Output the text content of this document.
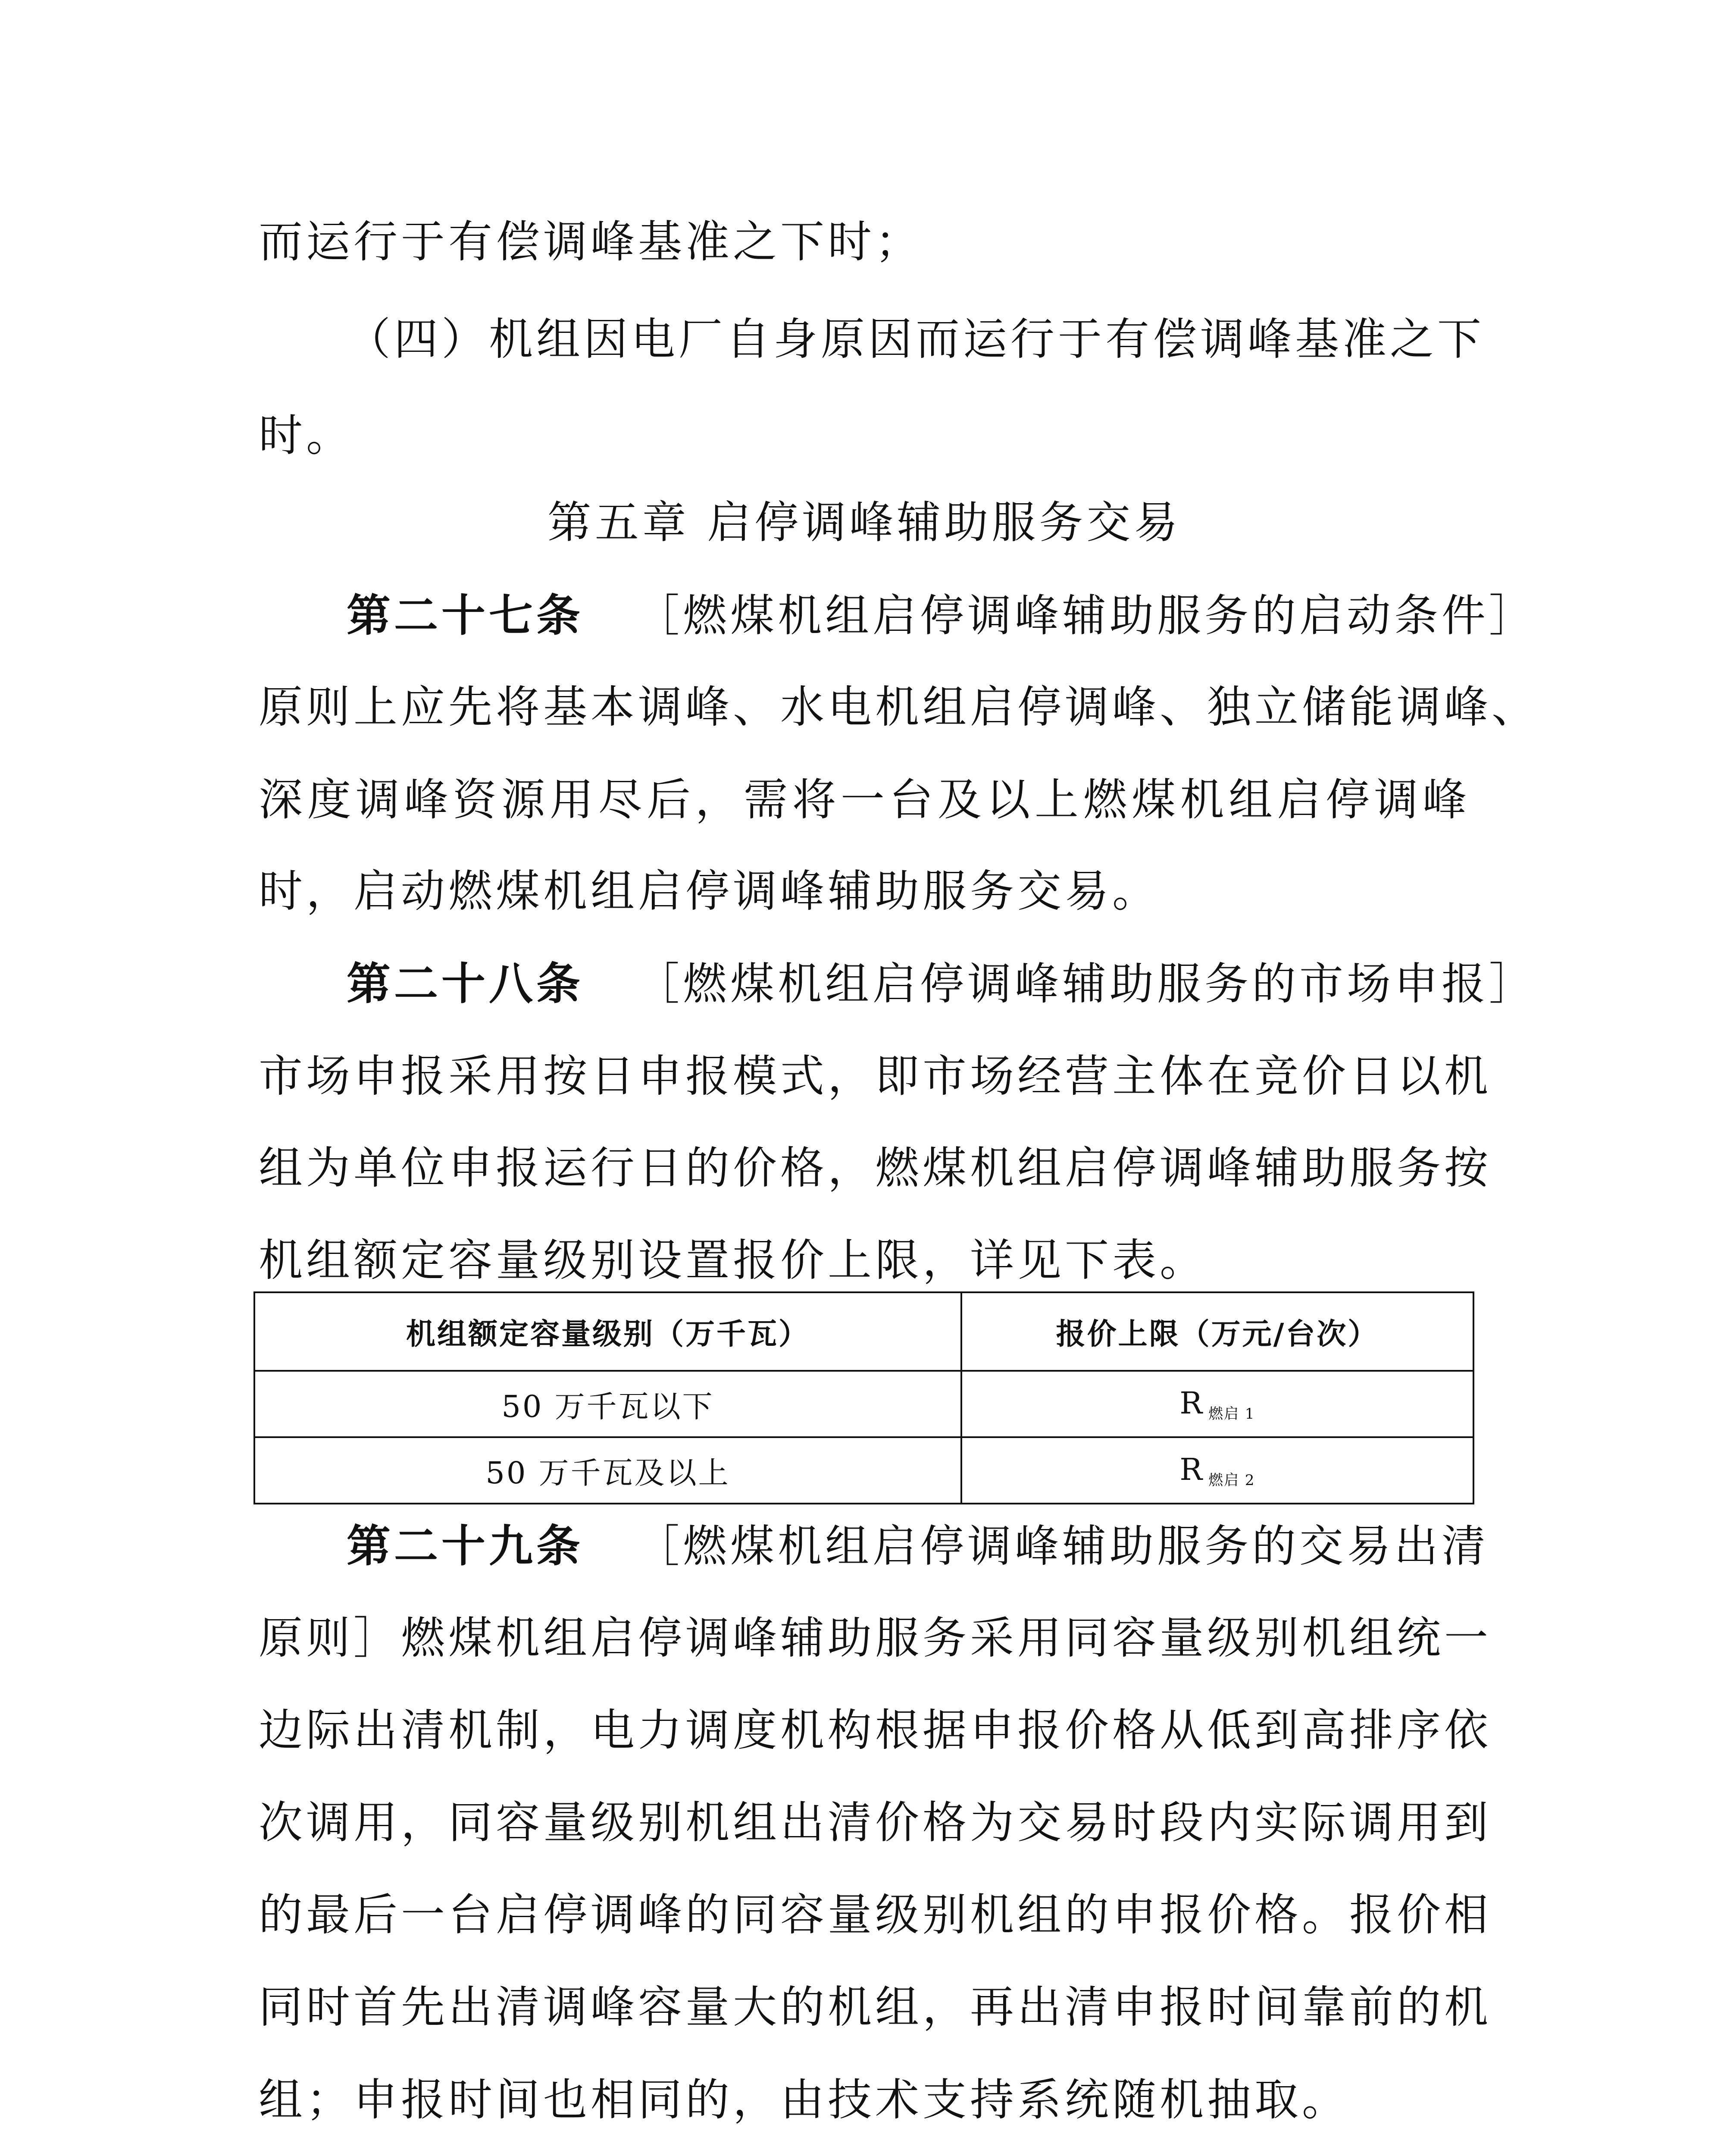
而运行于有偿调峰基准之下时；
（四）机组因电厂自身原因而运行于有偿调峰基准之下
时。
第五章 启停调峰辅助服务交易
第二十七条 ［燃煤机组启停调峰辅助服务的启动条件］
原则上应先将基本调峰、水电机组启停调峰、独立储能调峰、
深度调峰资源用尽后，需将一台及以上燃煤机组启停调峰
时，启动燃煤机组启停调峰辅助服务交易。
第二十八条 ［燃煤机组启停调峰辅助服务的市场申报］
市场申报采用按日申报模式，即市场经营主体在竞价日以机
组为单位申报运行日的价格，燃煤机组启停调峰辅助服务按
机组额定容量级别设置报价上限，详见下表。
机组额定容量级别（万千瓦）	报价上限（万元/台次）
50 万千瓦以下	R $_{燃启 1}$
50 万千瓦及以上	R $_{燃启 2}$
第二十九条 ［燃煤机组启停调峰辅助服务的交易出清
原则］燃煤机组启停调峰辅助服务采用同容量级别机组统一
边际出清机制，电力调度机构根据申报价格从低到高排序依
次调用，同容量级别机组出清价格为交易时段内实际调用到
的最后一台启停调峰的同容量级别机组的申报价格。报价相
同时首先出清调峰容量大的机组，再出清申报时间靠前的机
组；申报时间也相同的，由技术支持系统随机抽取。
